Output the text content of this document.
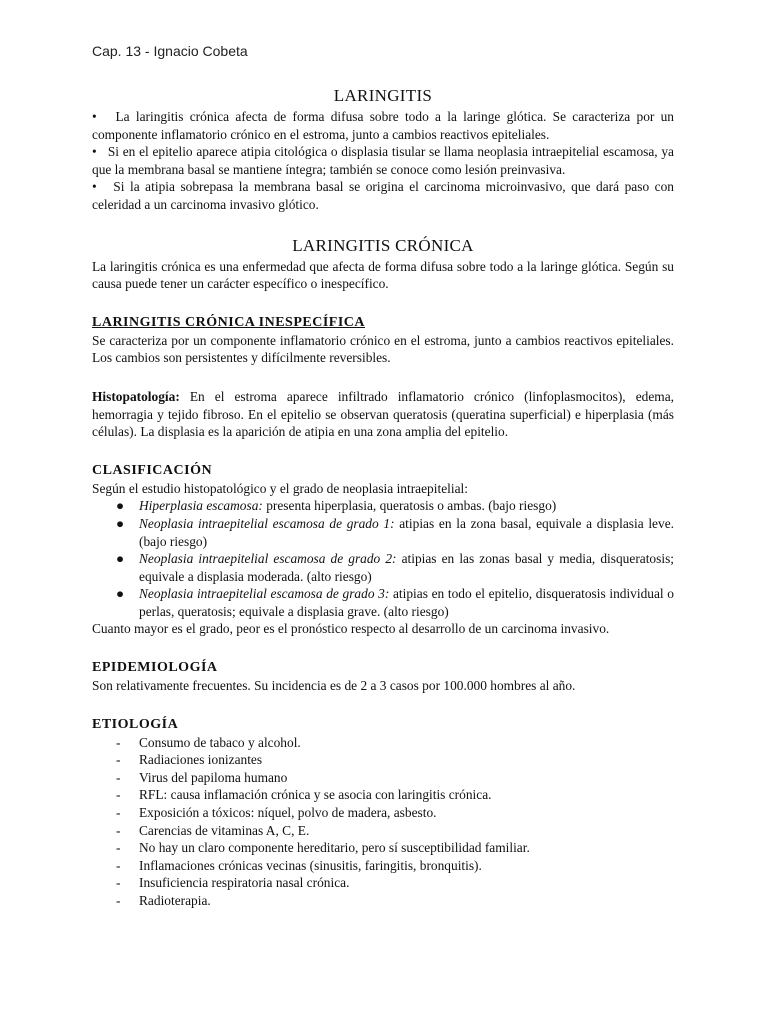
Cap. 13 - Ignacio Cobeta
LARINGITIS

• La laringitis crónica afecta de forma difusa sobre todo a la laringe glótica. Se caracteriza por un componente inflamatorio crónico en el estroma, junto a cambios reactivos epiteliales.

• Si en el epitelio aparece atipia citológica o displasia tisular se llama neoplasia intraepitelial escamosa, ya que la membrana basal se mantiene íntegra; también se conoce como lesión preinvasiva.

• Si la atipia sobrepasa la membrana basal se origina el carcinoma microinvasivo, que dará paso con celeridad a un carcinoma invasivo glótico.

LARINGITIS CRÓNICA

La laringitis crónica es una enfermedad que afecta de forma difusa sobre todo a la laringe glótica. Según su causa puede tener un carácter específico o inespecífico.

LARINGITIS CRÓNICA INESPECÍFICA

Se caracteriza por un componente inflamatorio crónico en el estroma, junto a cambios reactivos epiteliales. Los cambios son persistentes y difícilmente reversibles.

Histopatología: En el estroma aparece infiltrado inflamatorio crónico (linfoplasmocitos), edema, hemorragia y tejido fibroso. En el epitelio se observan queratosis (queratina superficial) e hiperplasia (más células). La displasia es la aparición de atipia en una zona amplia del epitelio.

CLASIFICACIÓN

Según el estudio histopatológico y el grado de neoplasia intraepitelial:

● Hiperplasia escamosa: presenta hiperplasia, queratosis o ambas. (bajo riesgo)
● Neoplasia intraepitelial escamosa de grado 1: atipias en la zona basal, equivale a displasia leve. (bajo riesgo)
● Neoplasia intraepitelial escamosa de grado 2: atipias en las zonas basal y media, disqueratosis; equivale a displasia moderada. (alto riesgo)
● Neoplasia intraepitelial escamosa de grado 3: atipias en todo el epitelio, disqueratosis individual o perlas, queratosis; equivale a displasia grave. (alto riesgo)

Cuanto mayor es el grado, peor es el pronóstico respecto al desarrollo de un carcinoma invasivo.

EPIDEMIOLOGÍA

Son relativamente frecuentes. Su incidencia es de 2 a 3 casos por 100.000 hombres al año.

ETIOLOGÍA
- Consumo de tabaco y alcohol.
- Radiaciones ionizantes
- Virus del papiloma humano
- RFL: causa inflamación crónica y se asocia con laringitis crónica.
- Exposición a tóxicos: níquel, polvo de madera, asbesto.
- Carencias de vitaminas A, C, E.
- No hay un claro componente hereditario, pero sí susceptibilidad familiar.
- Inflamaciones crónicas vecinas (sinusitis, faringitis, bronquitis).
- Insuficiencia respiratoria nasal crónica.
- Radioterapia.
